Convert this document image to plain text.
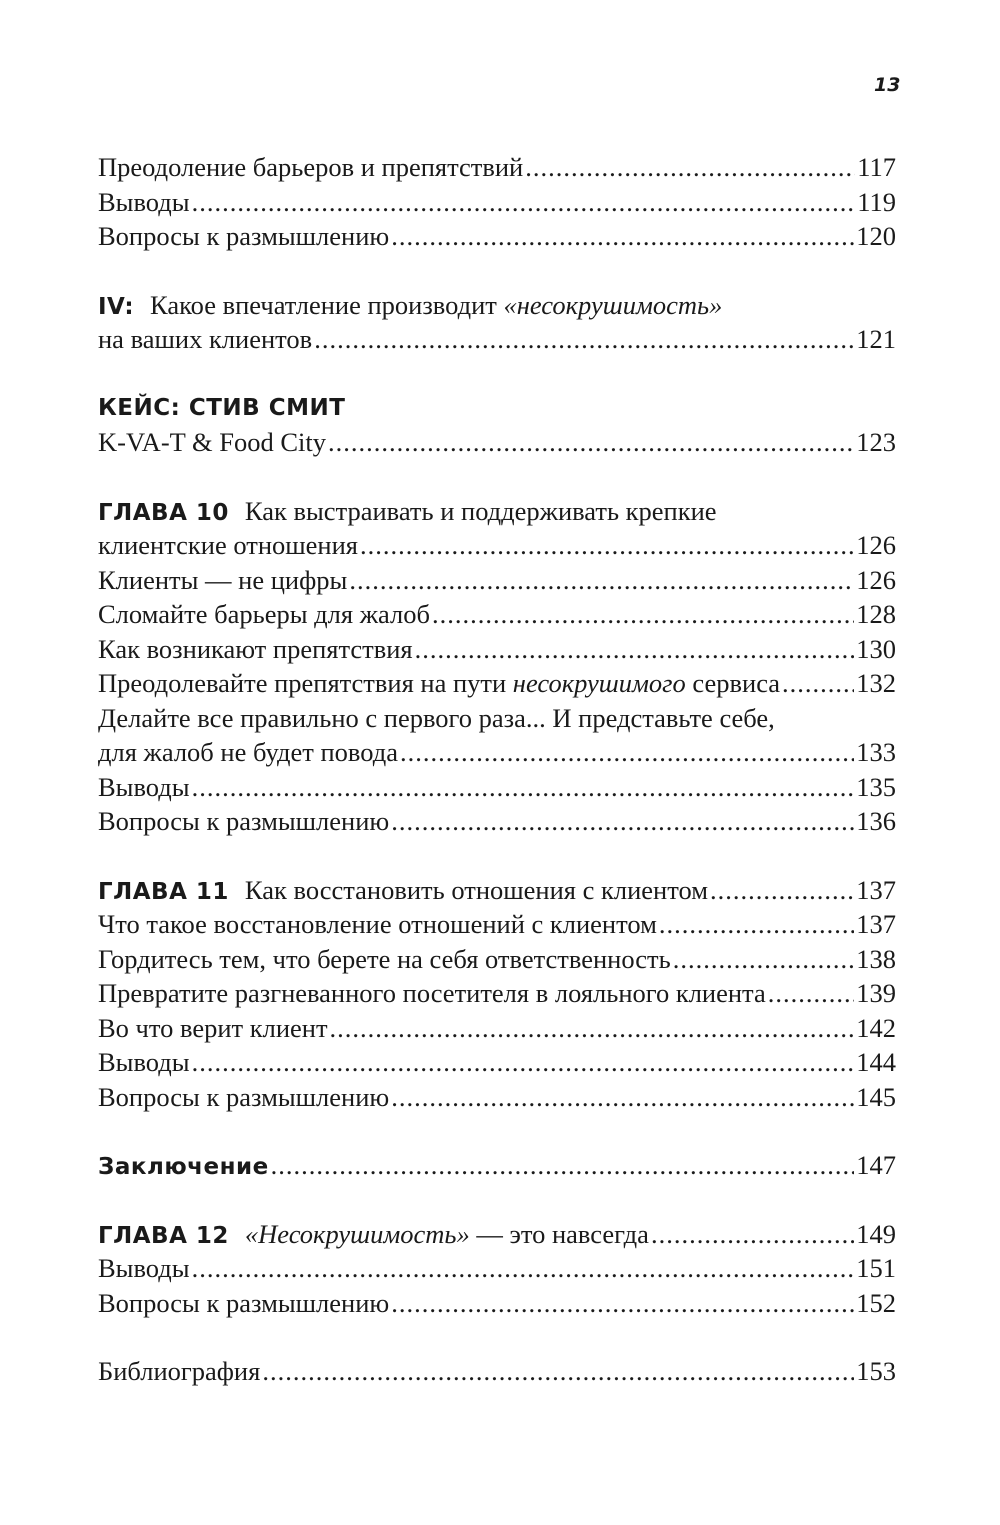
13
Преодоление барьеров и препятствий .....	117
Выводы .....	119
Вопросы к размышлению .....	120
IV: Какое впечатление производит
«несокрушимость»
на ваших клиентов .....	121
КЕЙС: СТИВ СМИТ
K-VA-T & Food City .....	123
ГЛАВА 10 Как выстраивать и поддерживать крепкие
клиентские отношения .....	126
Клиенты — не цифры .....	126
Сломайте барьеры для жалоб .....	128
Как возникают препятствия .....	130
Преодолевайте препятствия на пути
несокрушимого
сервиса .....	132
Делайте все правильно с первого раза... И представьте себе,
для жалоб не будет повода .....	133
Выводы .....	135
Вопросы к размышлению .....	136
ГЛАВА 11 Как восстановить отношения с клиентом .....	137
Что такое восстановление отношений с клиентом .....	137
Гордитесь тем, что берете на себя ответственность .....	138
Превратите разгневанного посетителя в лояльного клиента .....	139
Во что верит клиент .....	142
Выводы .....	144
Вопросы к размышлению .....	145
Заключение .....	147
ГЛАВА 12 «Несокрушимость»
— это навсегда .....	149
Выводы .....	151
Вопросы к размышлению .....	152
Библиография .....	153
